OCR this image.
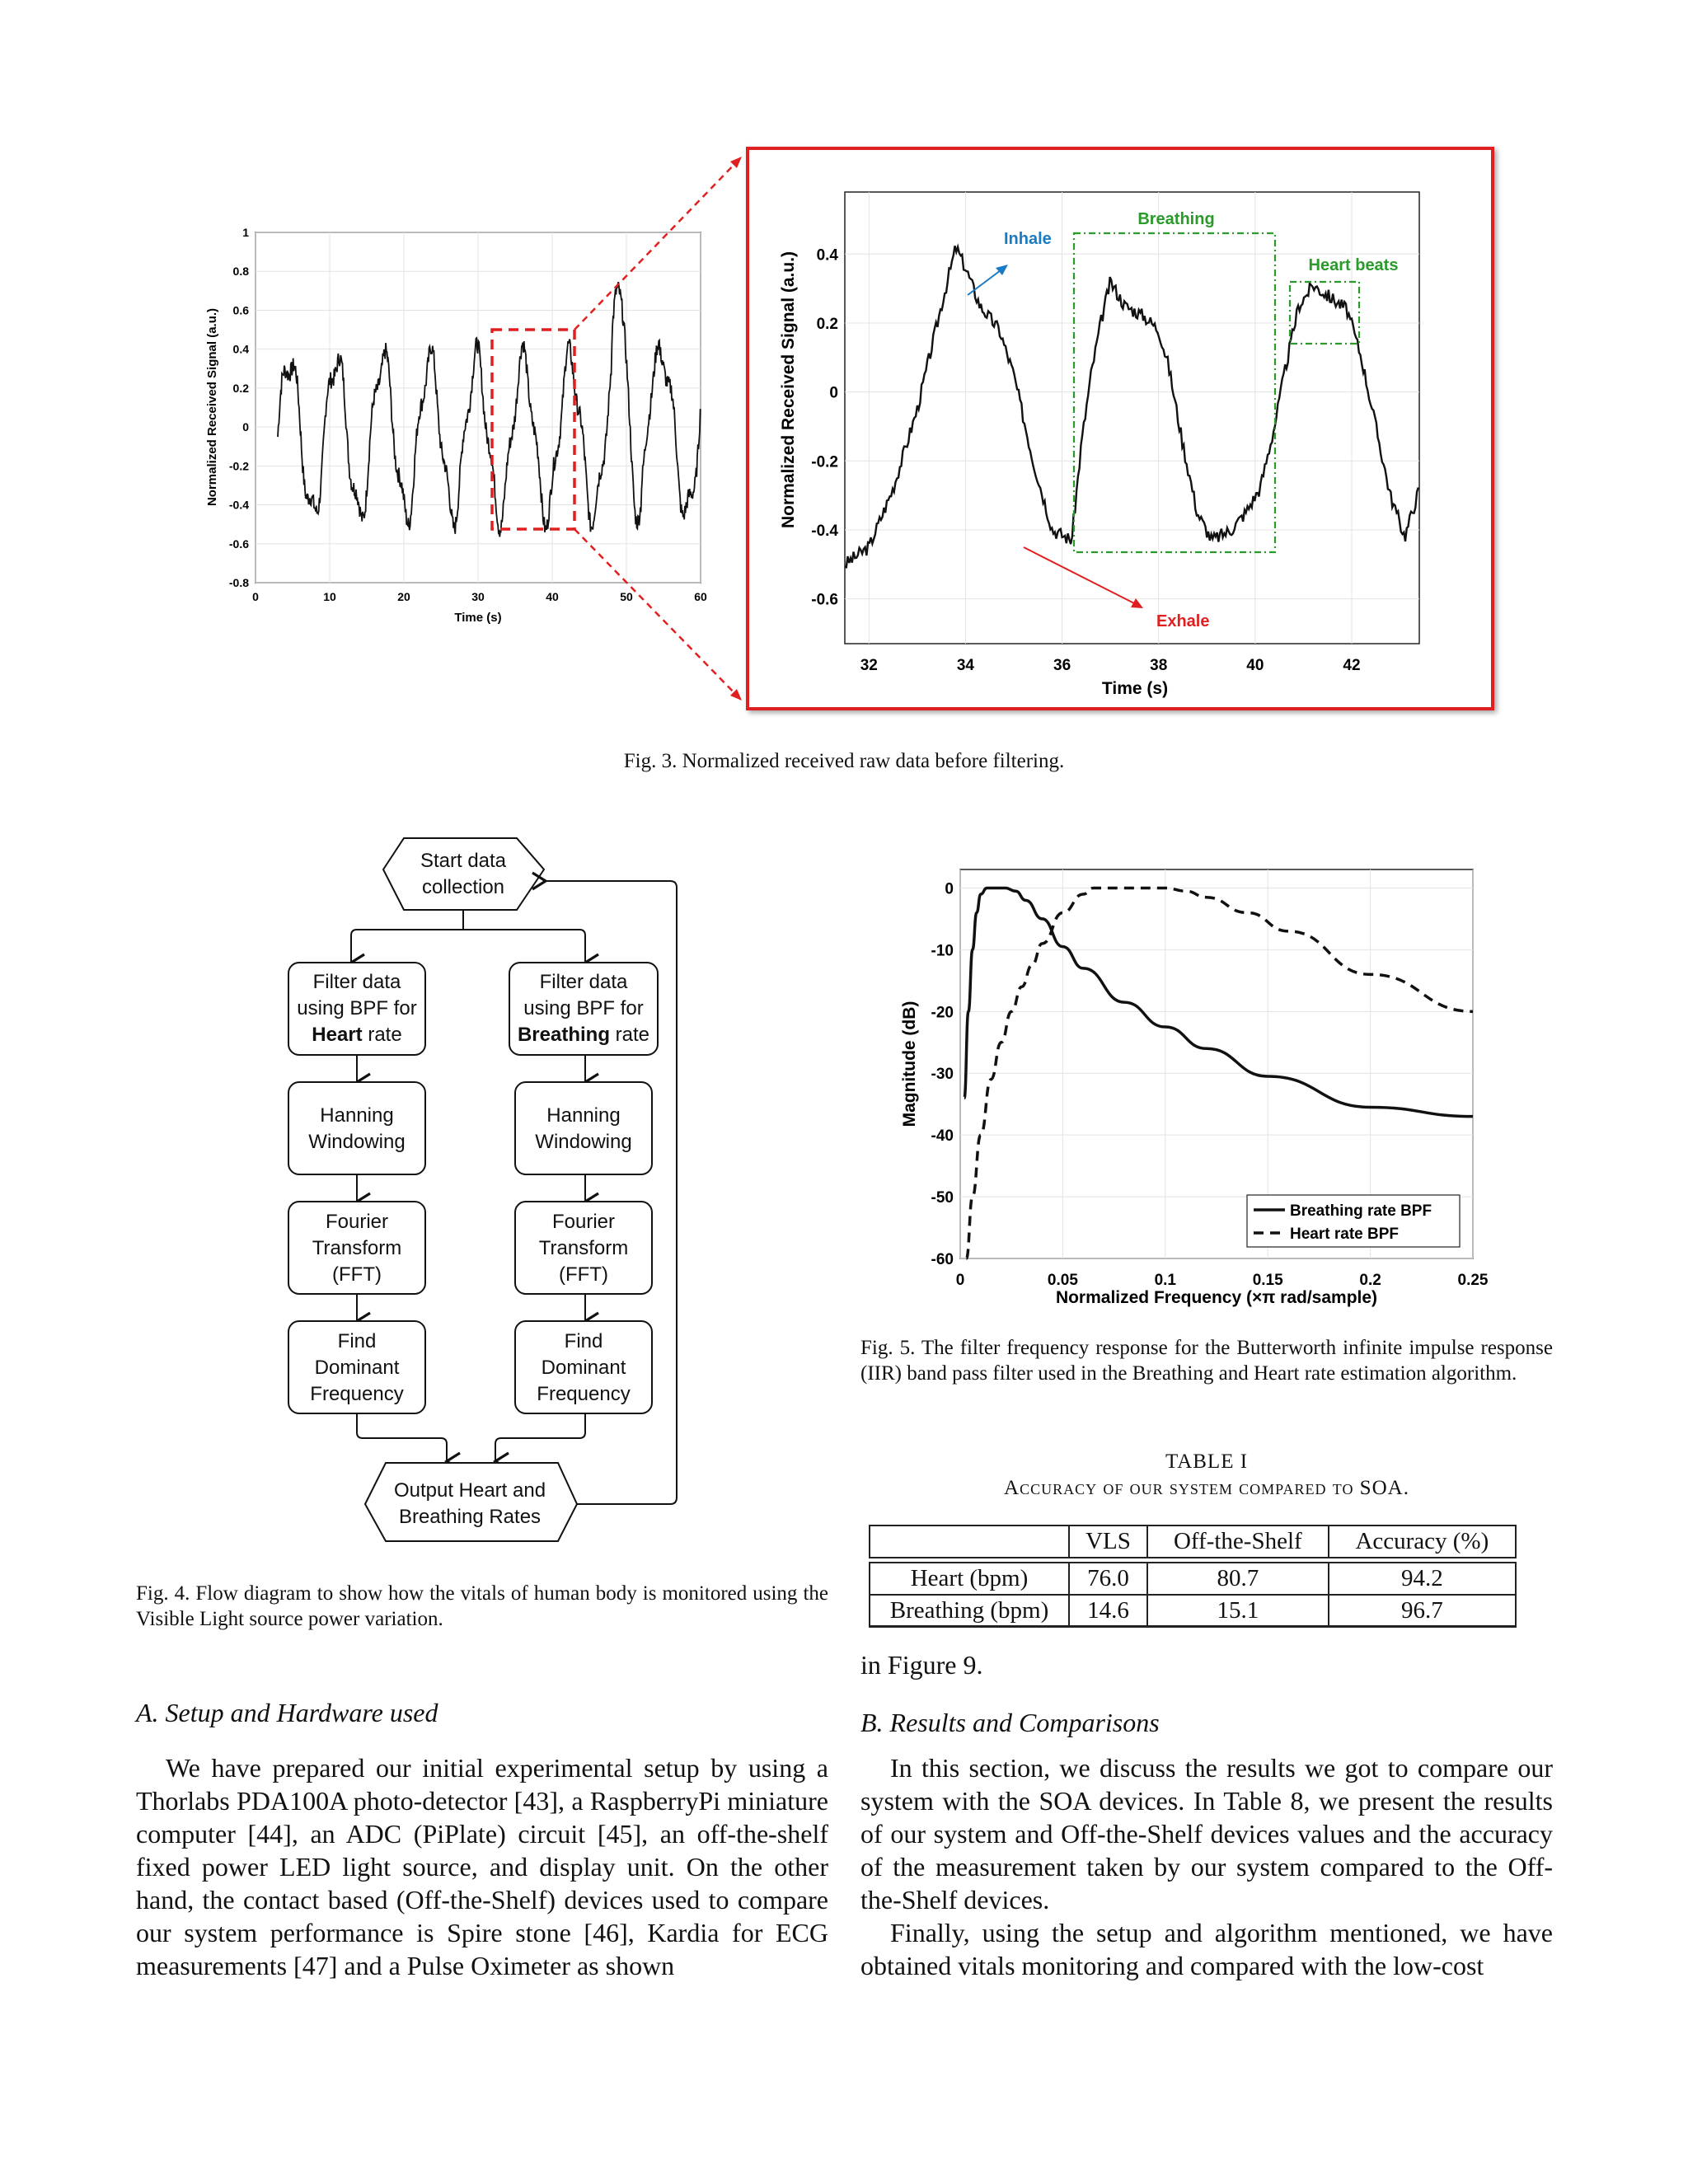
1
0.8
0.6
0.4
0.2
0
-0.2
-0.4
-0.6
-0.8
0	10	20	30	40	50	60
Normalized Received Signal (a.u.)
Time (s)
0.4
0.2
0
-0.2
-0.4
-0.6
32	34	36	38	40	42
Breathing
Heart beats
Inhale
Exhale
Normalized Received Signal (a.u.)
Time (s)
Fig. 3. Normalized received raw data before filtering.
Start data
collection
Filter data
using BPF for
Heart rate
Hanning
Windowing
Fourier
Transform
(FFT)
Find
Dominant
Frequency
Filter data
using BPF for
Breathing rate
Hanning
Windowing
Fourier
Transform
(FFT)
Find
Dominant
Frequency
Output Heart and
Breathing Rates
Fig. 4. Flow diagram to show how the vitals of human body is monitored using the Visible Light source power variation.
0
-10
-20
-30
-40
-50
-60
0	0.05	0.1	0.15	0.2	0.25
Breathing rate BPF
Heart rate BPF
Magnitude (dB)
Normalized Frequency (×π rad/sample)
Fig. 5. The filter frequency response for the Butterworth infinite impulse response (IIR) band pass filter used in the Breathing and Heart rate estimation algorithm.
TABLE I
Accuracy of our system compared to SOA.
	VLS	Off-the-Shelf	Accuracy (%)

Heart (bpm)	76.0	80.7	94.2
Breathing (bpm)	14.6	15.1	96.7
in Figure 9.
A. Setup and Hardware used
We have prepared our initial experimental setup by using a Thorlabs PDA100A photo-detector [43], a RaspberryPi miniature computer [44], an ADC (PiPlate) circuit [45], an off-the-shelf fixed power LED light source, and display unit. On the other hand, the contact based (Off-the-Shelf) devices used to compare our system performance is Spire stone [46], Kardia for ECG measurements [47] and a Pulse Oximeter as shown
B. Results and Comparisons
In this section, we discuss the results we got to compare our system with the SOA devices. In Table 8, we present the results of our system and Off-the-Shelf devices values and the accuracy of the measurement taken by our system compared to the Off-the-Shelf devices.
Finally, using the setup and algorithm mentioned, we have obtained vitals monitoring and compared with the low-cost
